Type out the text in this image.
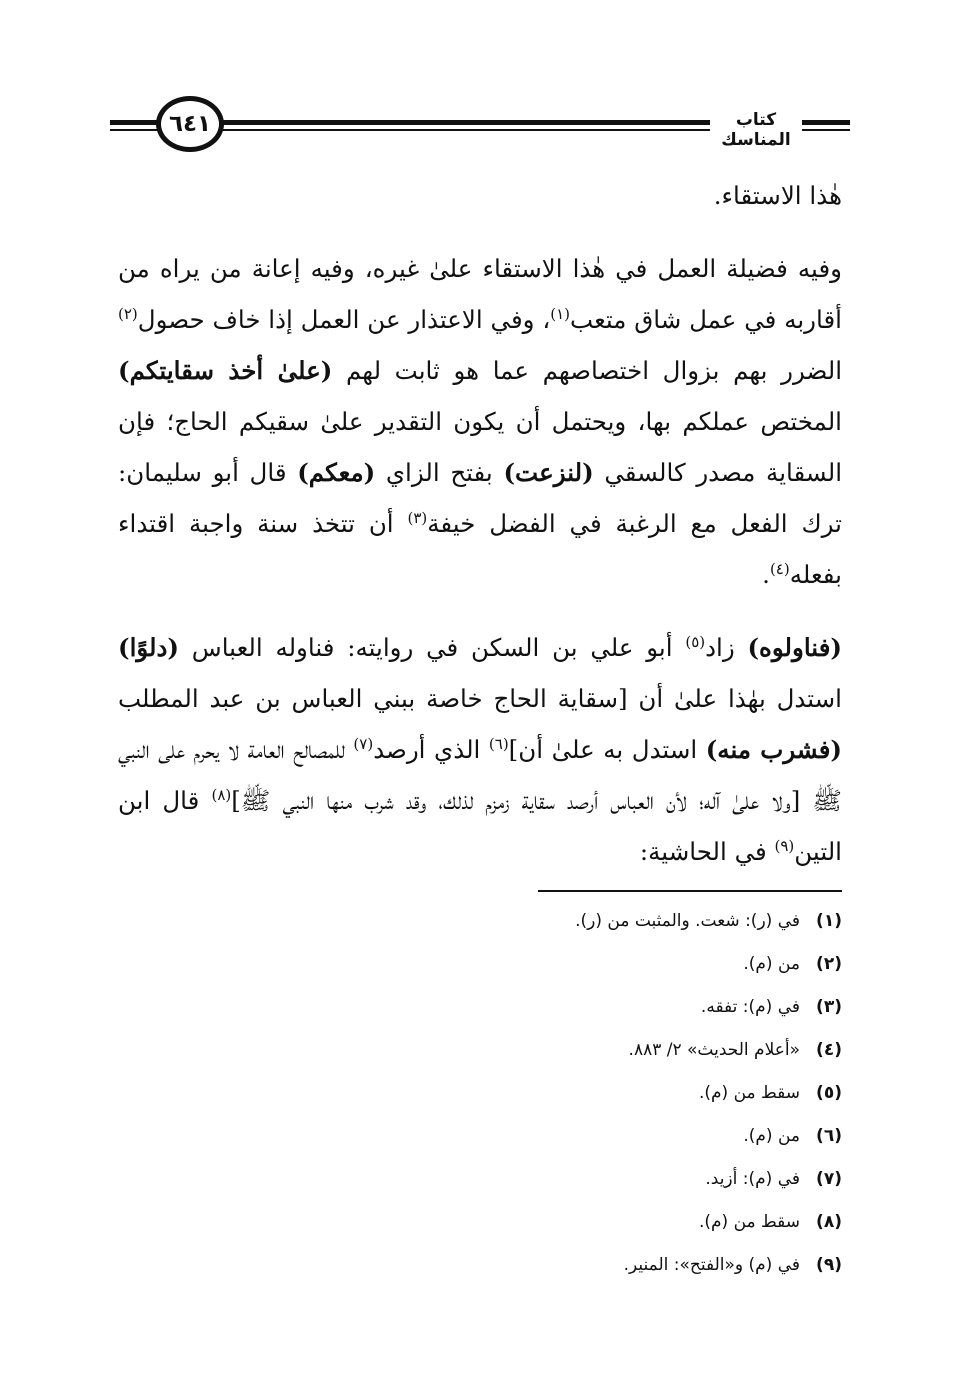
٦٤١	كتاب المناسك

هٰذا الاستقاء.

وفيه فضيلة العمل في هٰذا الاستقاء علىٰ غيره، وفيه إعانة من يراه من أقاربه في عمل شاق متعب$^{(١)}$، وفي الاعتذار عن العمل إذا خاف حصول$^{(٢)}$ الضرر بهم بزوال اختصاصهم عما هو ثابت لهم (علىٰ أخذ سقايتكم) المختص عملكم بها، ويحتمل أن يكون التقدير علىٰ سقيكم الحاج؛ فإن السقاية مصدر كالسقي (لنزعت) بفتح الزاي (معكم) قال أبو سليمان: ترك الفعل مع الرغبة في الفضل خيفة$^{(٣)}$ أن تتخذ سنة واجبة اقتداء بفعله$^{(٤)}$.

(فناولوه) زاد$^{(٥)}$ أبو علي بن السكن في روايته: فناوله العباس (دلوًا) استدل بهٰذا علىٰ أن [سقاية الحاج خاصة ببني العباس بن عبد المطلب (فشرب منه) استدل به علىٰ أن]$^{(٦)}$ الذي أرصد$^{(٧)}$ للمصالح العامة لا يحرم على النبي ﷺ [ولا علىٰ آله؛ لأن العباس أرصد سقاية زمزم لذلك، وقد شرب منها النبي ﷺ]$^{(٨)}$ قال ابن التين$^{(٩)}$ في الحاشية:

(١)في (ر): شعت. والمثبت من (ر).
(٢)من (م).
(٣)في (م): تفقه.
(٤)«أعلام الحديث» ٢/ ٨٨٣.
(٥)سقط من (م).
(٦)من (م).
(٧)في (م): أزيد.
(٨)سقط من (م).
(٩)في (م) و«الفتح»: المنير.
